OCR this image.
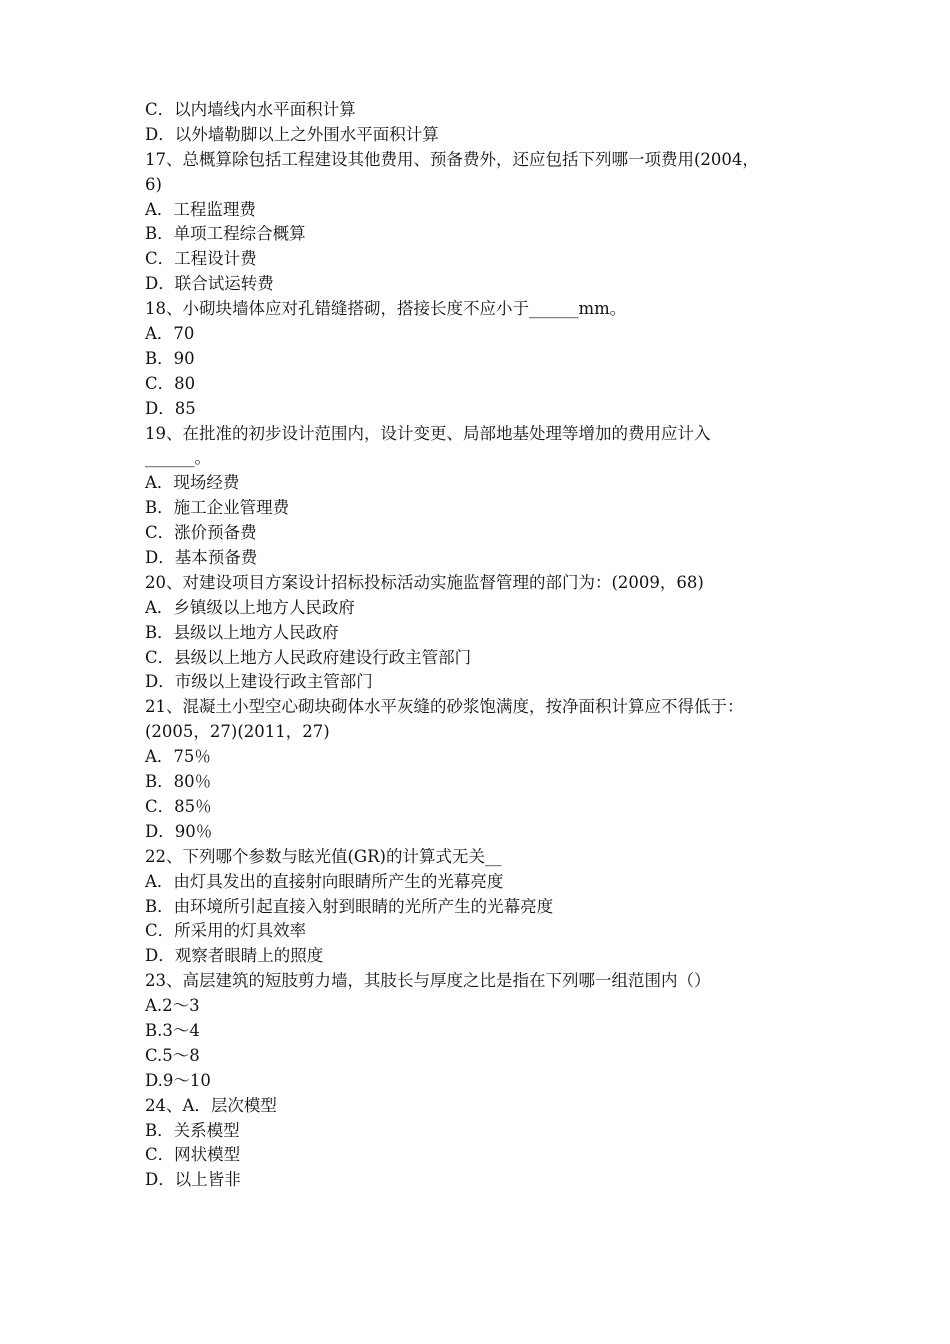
C．以内墙线内水平面积计算
D．以外墙勒脚以上之外围水平面积计算
17、总概算除包括工程建设其他费用、预备费外，还应包括下列哪一项费用(2004，
6)
A．工程监理费
B．单项工程综合概算
C．工程设计费
D．联合试运转费
18、小砌块墙体应对孔错缝搭砌，搭接长度不应小于______mm。
A．70
B．90
C．80
D．85
19、在批准的初步设计范围内，设计变更、局部地基处理等增加的费用应计入
______。
A．现场经费
B．施工企业管理费
C．涨价预备费
D．基本预备费
20、对建设项目方案设计招标投标活动实施监督管理的部门为：(2009，68)
A．乡镇级以上地方人民政府
B．县级以上地方人民政府
C．县级以上地方人民政府建设行政主管部门
D．市级以上建设行政主管部门
21、混凝土小型空心砌块砌体水平灰缝的砂浆饱满度，按净面积计算应不得低于：
(2005，27)(2011，27)
A．75％
B．80％
C．85％
D．90％
22、下列哪个参数与眩光值(GR)的计算式无关__
A．由灯具发出的直接射向眼睛所产生的光幕亮度
B．由环境所引起直接入射到眼睛的光所产生的光幕亮度
C．所采用的灯具效率
D．观察者眼睛上的照度
23、高层建筑的短肢剪力墙，其肢长与厚度之比是指在下列哪一组范围内（）
A.2～3
B.3～4
C.5～8
D.9～10
24、A．层次模型
B．关系模型
C．网状模型
D．以上皆非
